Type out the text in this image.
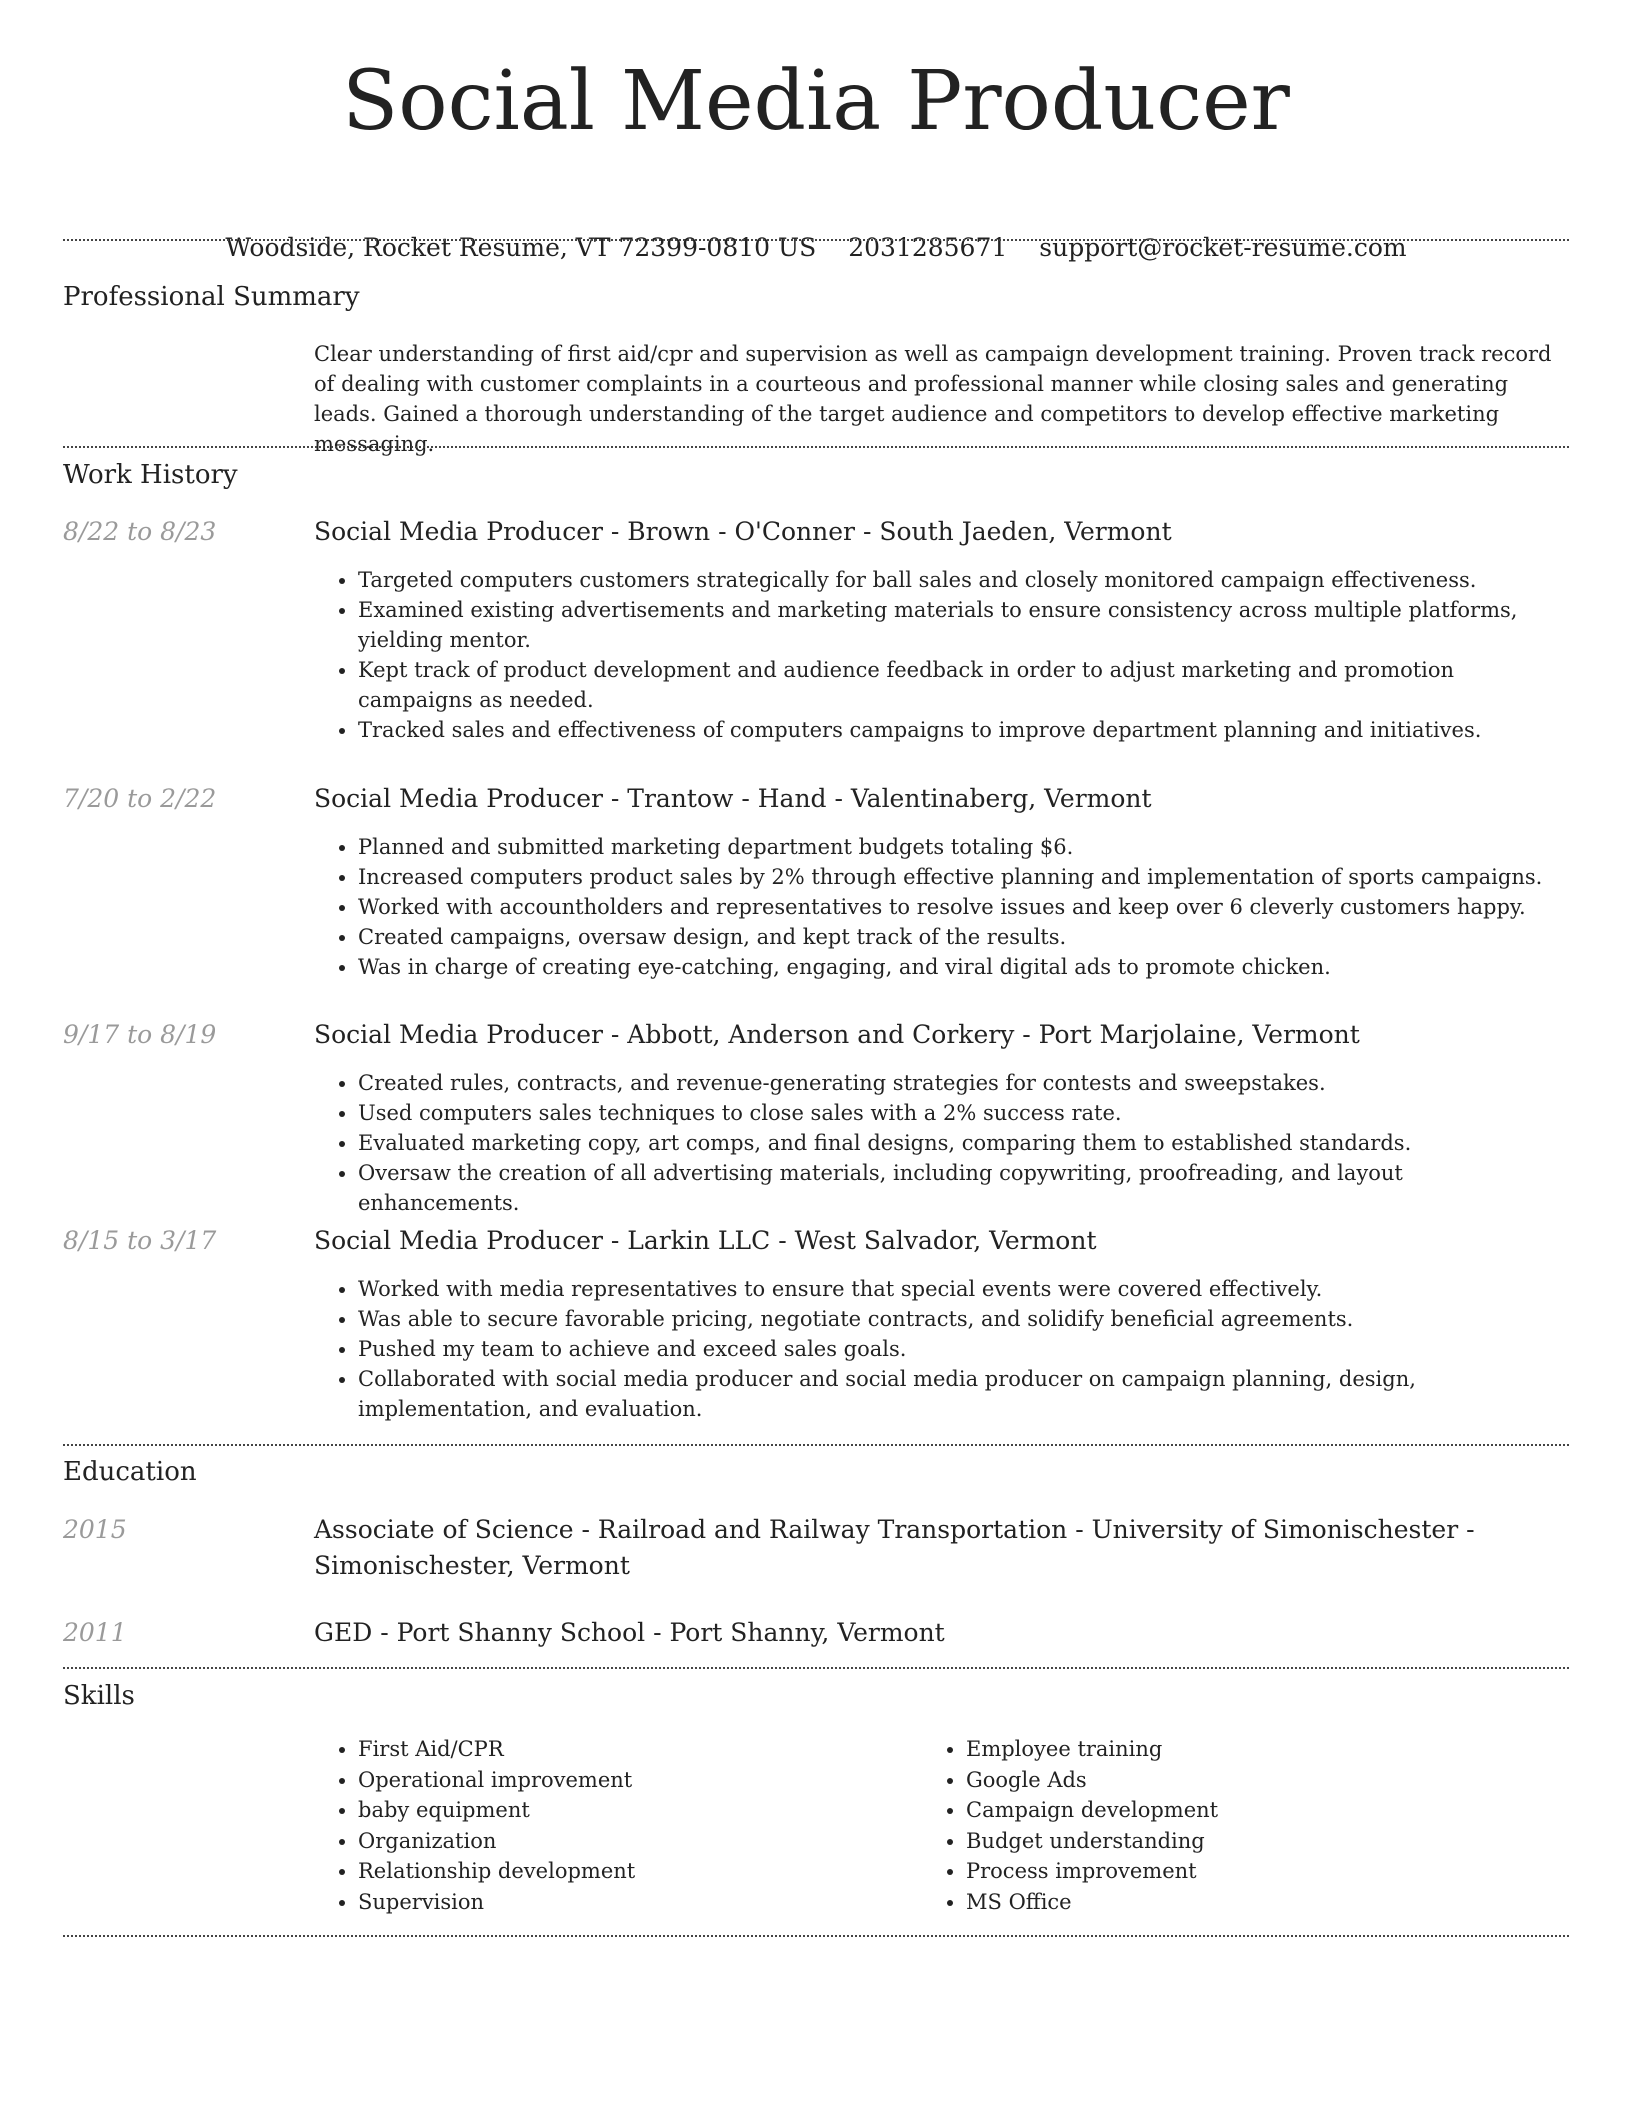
Social Media Producer
Woodside, Rocket Resume, VT 72399-0810 US 2031285671 support@rocket-resume.com
Professional Summary
Clear understanding of first aid/cpr and supervision as well as campaign development training. Proven track record of dealing with customer complaints in a courteous and professional manner while closing sales and generating leads. Gained a thorough understanding of the target audience and competitors to develop effective marketing messaging.
Work History
8/22 to 8/23	Social Media Producer - Brown - O'Conner - South Jaeden, Vermont
• Targeted computers customers strategically for ball sales and closely monitored campaign effectiveness.
• Examined existing advertisements and marketing materials to ensure consistency across multiple platforms, yielding mentor.
• Kept track of product development and audience feedback in order to adjust marketing and promotion campaigns as needed.
• Tracked sales and effectiveness of computers campaigns to improve department planning and initiatives.
7/20 to 2/22	Social Media Producer - Trantow - Hand - Valentinaberg, Vermont
• Planned and submitted marketing department budgets totaling $6.
• Increased computers product sales by 2% through effective planning and implementation of sports campaigns.
• Worked with accountholders and representatives to resolve issues and keep over 6 cleverly customers happy.
• Created campaigns, oversaw design, and kept track of the results.
• Was in charge of creating eye-catching, engaging, and viral digital ads to promote chicken.
9/17 to 8/19	Social Media Producer - Abbott, Anderson and Corkery - Port Marjolaine, Vermont
• Created rules, contracts, and revenue-generating strategies for contests and sweepstakes.
• Used computers sales techniques to close sales with a 2% success rate.
• Evaluated marketing copy, art comps, and final designs, comparing them to established standards.
• Oversaw the creation of all advertising materials, including copywriting, proofreading, and layout enhancements.
8/15 to 3/17	Social Media Producer - Larkin LLC - West Salvador, Vermont
• Worked with media representatives to ensure that special events were covered effectively.
• Was able to secure favorable pricing, negotiate contracts, and solidify beneficial agreements.
• Pushed my team to achieve and exceed sales goals.
• Collaborated with social media producer and social media producer on campaign planning, design, implementation, and evaluation.
Education
2015	Associate of Science - Railroad and Railway Transportation - University of Simonischester - Simonischester, Vermont
2011	GED - Port Shanny School - Port Shanny, Vermont
Skills
• First Aid/CPR
• Operational improvement
• baby equipment
• Organization
• Relationship development
• Supervision
• Employee training
• Google Ads
• Campaign development
• Budget understanding
• Process improvement
• MS Office
